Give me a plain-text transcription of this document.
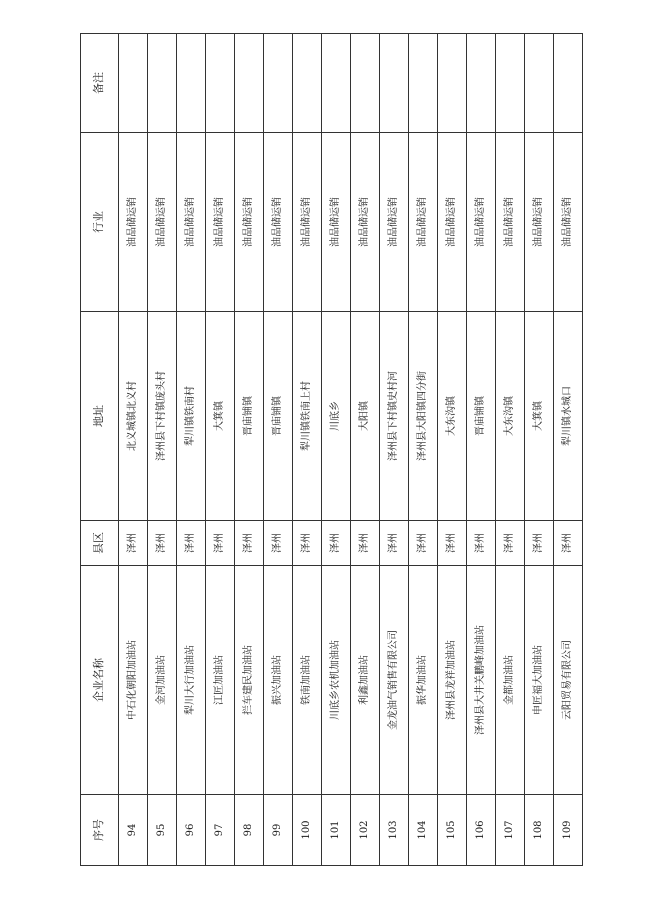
序号	企业名称	县区	地址	行业	备注
94	中石化朝阳加油站	泽州	北义城镇北义村	油品储运销	
95	金河加油站	泽州	泽州县下村镇庞头村	油品储运销	
96	犁川大行加油站	泽州	犁川镇铁南村	油品储运销	
97	江匠加油站	泽州	大箕镇	油品储运销	
98	拦车建民加油站	泽州	晋庙铺镇	油品储运销	
99	振兴加油站	泽州	晋庙铺镇	油品储运销	
100	铁南加油站	泽州	犁川镇铁南上村	油品储运销	
101	川底乡农机加油站	泽州	川底乡	油品储运销	
102	利鑫加油站	泽州	大阳镇	油品储运销	
103	金龙油气销售有限公司	泽州	泽州县下村镇史村河	油品储运销	
104	振华加油站	泽州	泽州县大阳镇四分街	油品储运销	
105	泽州县龙祥加油站	泽州	大东沟镇	油品储运销	
106	泽州县大井关鹏峰加油站	泽州	晋庙铺镇	油品储运销	
107	金都加油站	泽州	大东沟镇	油品储运销	
108	申匠福大加油站	泽州	大箕镇	油品储运销	
109	云阳贸易有限公司	泽州	犁川镇水城口	油品储运销	
